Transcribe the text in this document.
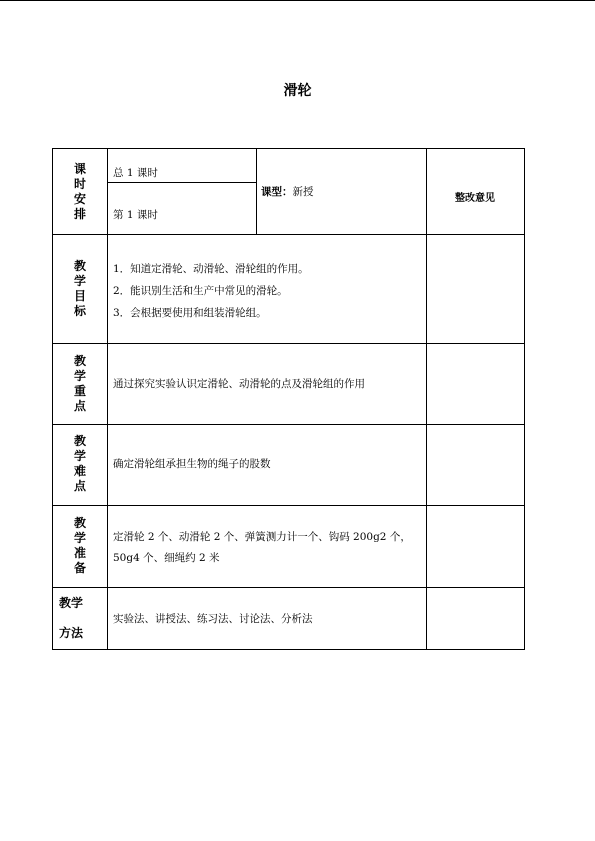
滑轮
课时安排
总 1 课时
第 1 课时
课型：新授
整改意见
教学目标
1．知道定滑轮、动滑轮、滑轮组的作用。
2．能识别生活和生产中常见的滑轮。
3．会根据要使用和组装滑轮组。
教学重点
通过探究实验认识定滑轮、动滑轮的点及滑轮组的作用
教学难点
确定滑轮组承担生物的绳子的股数
教学准备
定滑轮 2 个、动滑轮 2 个、弹簧测力计一个、钩码 200g2 个，50g4 个、细绳约 2 米
教学
方法
实验法、讲授法、练习法、讨论法、分析法
